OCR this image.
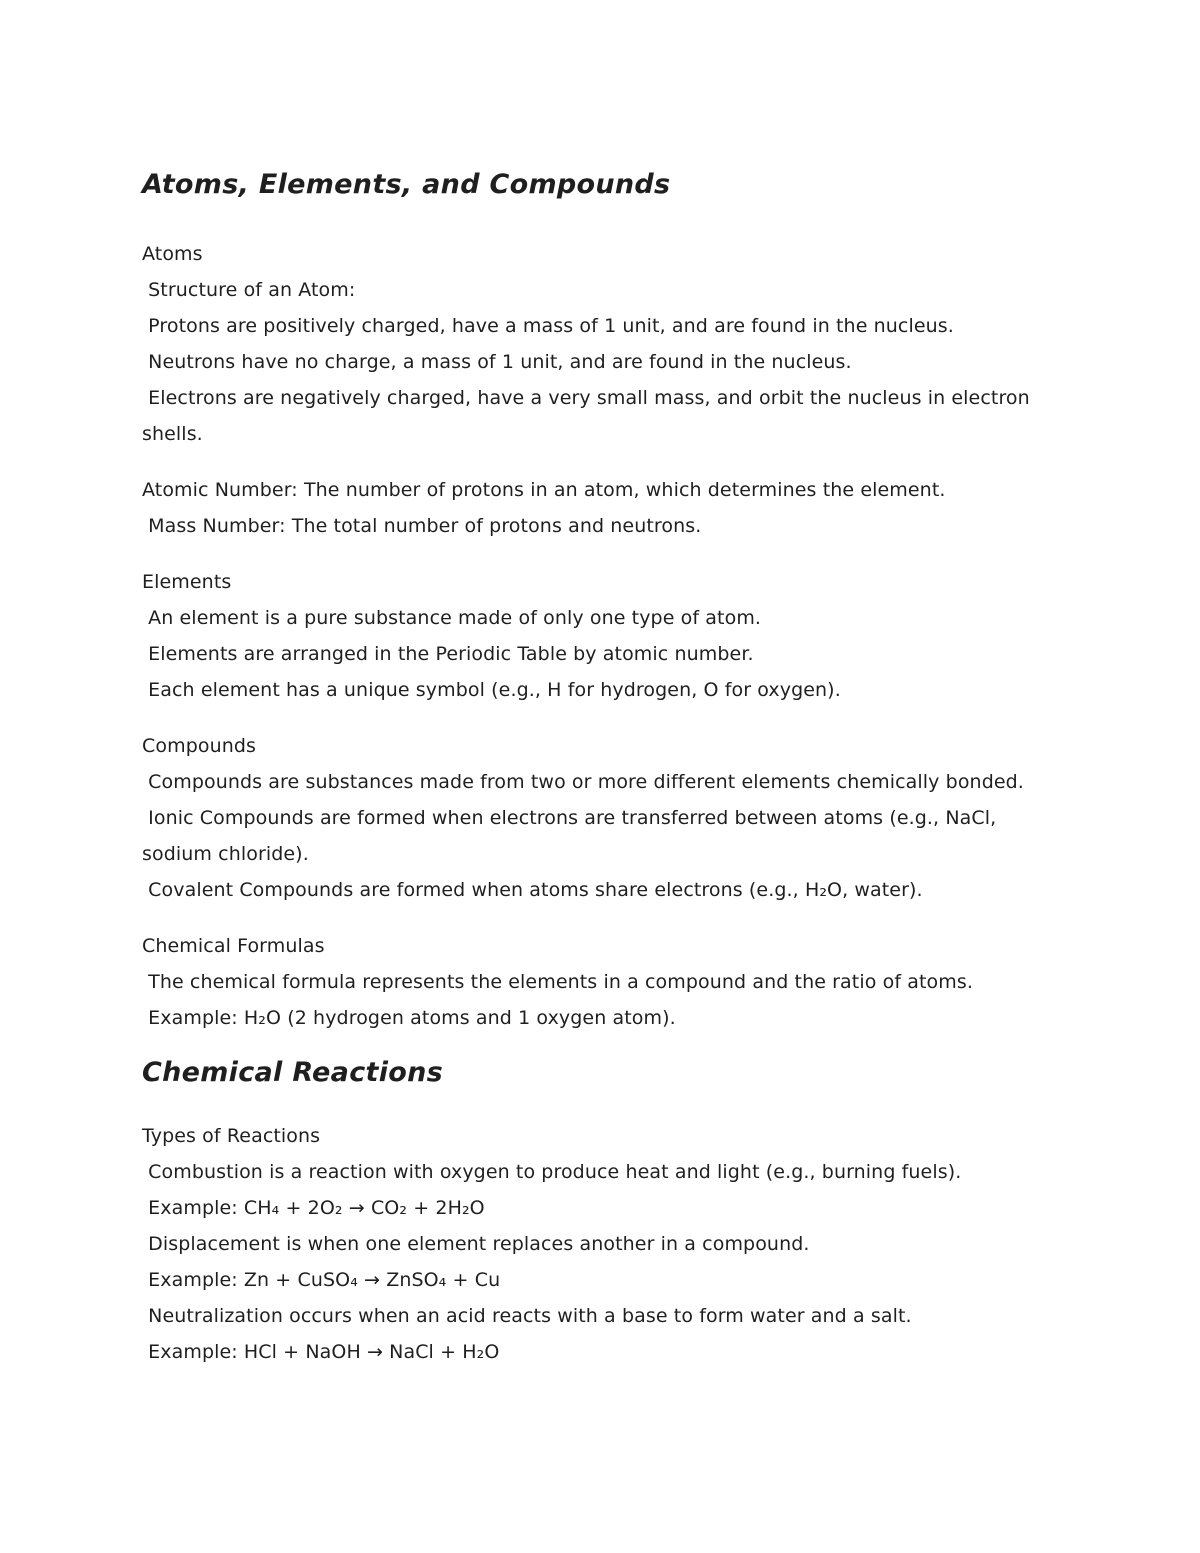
Atoms, Elements, and Compounds

Atoms

Structure of an Atom:

Protons are positively charged, have a mass of 1 unit, and are found in the nucleus.

Neutrons have no charge, a mass of 1 unit, and are found in the nucleus.

Electrons are negatively charged, have a very small mass, and orbit the nucleus in electron shells.

Atomic Number: The number of protons in an atom, which determines the element.

Mass Number: The total number of protons and neutrons.

Elements

An element is a pure substance made of only one type of atom.

Elements are arranged in the Periodic Table by atomic number.

Each element has a unique symbol (e.g., H for hydrogen, O for oxygen).

Compounds

Compounds are substances made from two or more different elements chemically bonded.

Ionic Compounds are formed when electrons are transferred between atoms (e.g., NaCl, sodium chloride).

Covalent Compounds are formed when atoms share electrons (e.g., H₂O, water).

Chemical Formulas

The chemical formula represents the elements in a compound and the ratio of atoms.

Example: H₂O (2 hydrogen atoms and 1 oxygen atom).

Chemical Reactions

Types of Reactions

Combustion is a reaction with oxygen to produce heat and light (e.g., burning fuels).

Example: CH₄ + 2O₂ → CO₂ + 2H₂O

Displacement is when one element replaces another in a compound.

Example: Zn + CuSO₄ → ZnSO₄ + Cu

Neutralization occurs when an acid reacts with a base to form water and a salt.

Example: HCl + NaOH → NaCl + H₂O
